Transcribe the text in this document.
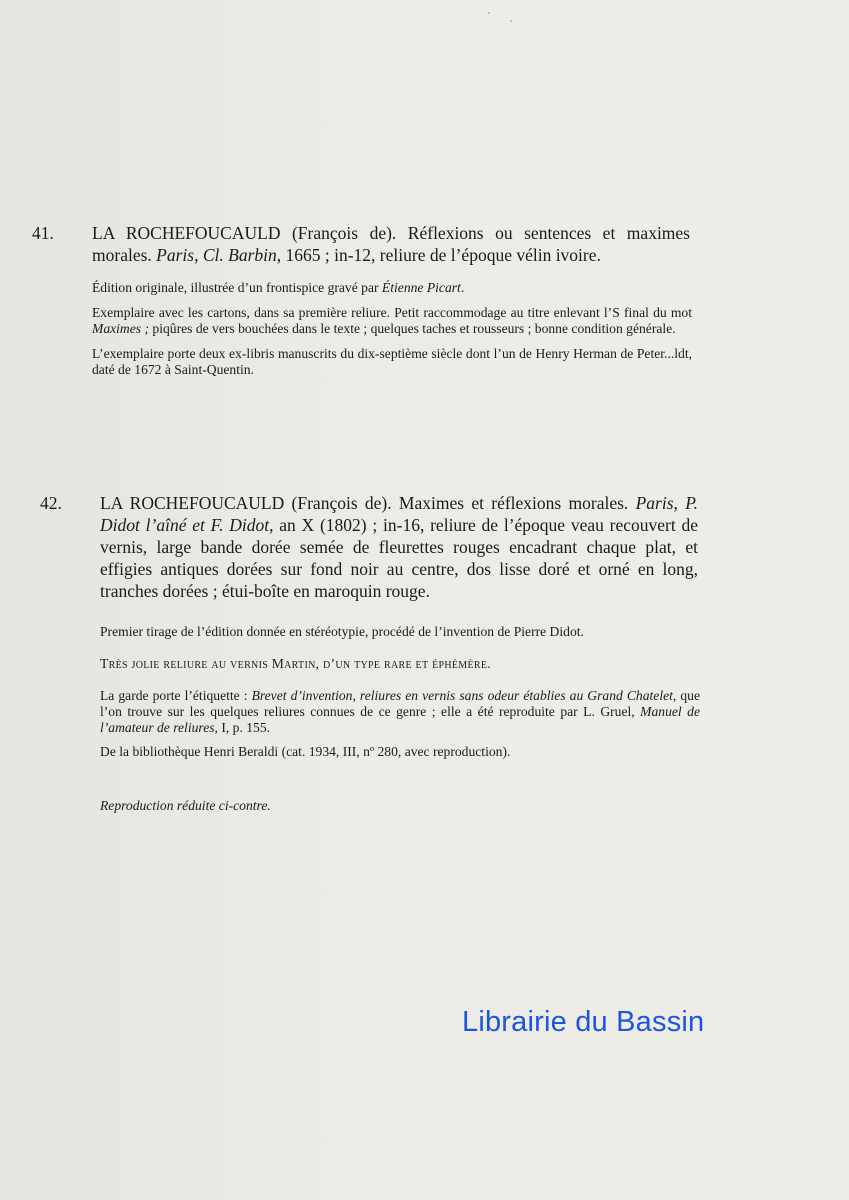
41. LA ROCHEFOUCAULD (François de). Réflexions ou sentences et maximes morales. Paris, Cl. Barbin, 1665 ; in-12, reliure de l’époque vélin ivoire.

Édition originale, illustrée d’un frontispice gravé par Étienne Picart.

Exemplaire avec les cartons, dans sa première reliure. Petit raccommodage au titre enlevant l’S final du mot Maximes ; piqûres de vers bouchées dans le texte ; quelques taches et rousseurs ; bonne condition générale.

L’exemplaire porte deux ex-libris manuscrits du dix-septième siècle dont l’un de Henry Herman de Peter...ldt, daté de 1672 à Saint-Quentin.

42. LA ROCHEFOUCAULD (François de). Maximes et réflexions morales. Paris, P. Didot l’aîné et F. Didot, an X (1802) ; in-16, reliure de l’époque veau recouvert de vernis, large bande dorée semée de fleurettes rouges encadrant chaque plat, et effigies antiques dorées sur fond noir au centre, dos lisse doré et orné en long, tranches dorées ; étui-boîte en maroquin rouge.

Premier tirage de l’édition donnée en stéréotypie, procédé de l’invention de Pierre Didot.

Très jolie reliure au vernis Martin, d’un type rare et éphémère.

La garde porte l’étiquette : Brevet d’invention, reliures en vernis sans odeur établies au Grand Chatelet, que l’on trouve sur les quelques reliures connues de ce genre ; elle a été reproduite par L. Gruel, Manuel de l’amateur de reliures, I, p. 155.

De la bibliothèque Henri Beraldi (cat. 1934, III, nº 280, avec reproduction).

Reproduction réduite ci-contre.

Librairie du Bassin
